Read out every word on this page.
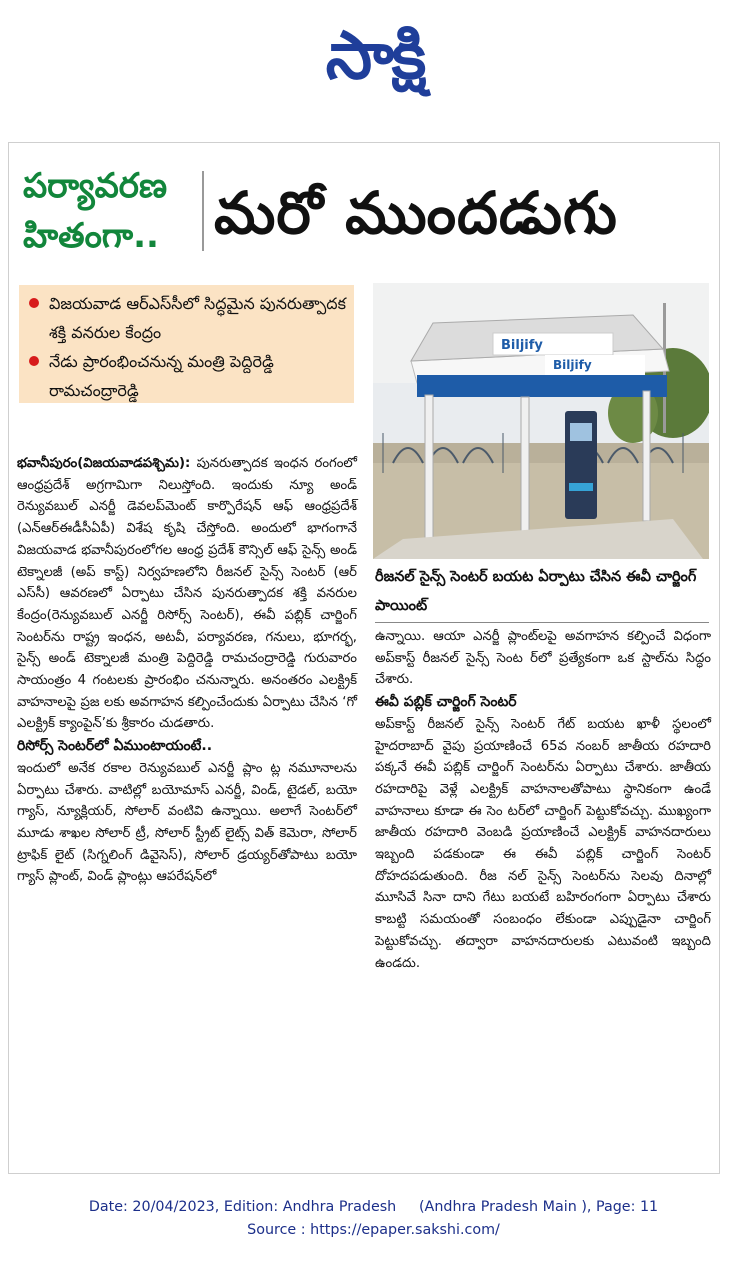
సాక్షి
పర్యావరణ హితంగా.. మరో ముందడుగు
విజయవాడ ఆర్‌ఎస్‌సీలో సిద్ధమైన పునరుత్పాదక శక్తి వనరుల కేంద్రం
నేడు ప్రారంభించనున్న మంత్రి పెద్దిరెడ్డి రామచంద్రారెడ్డి
Biljify
Biljify
రీజనల్‌ సైన్స్‌ సెంటర్‌ బయట ఏర్పాటు చేసిన ఈవీ చార్జింగ్‌ పాయింట్‌

భవానీపురం(విజయవాడపశ్చిమ): పునరుత్పాదక ఇంధన రంగంలో ఆంధ్రప్రదేశ్‌ అగ్రగామిగా నిలుస్తోంది. ఇందుకు న్యూ అండ్‌ రెన్యువబుల్‌ ఎనర్జీ డెవలప్‌మెంట్‌ కార్పొరేషన్‌ ఆఫ్‌ ఆంధ్రప్రదేశ్‌ (ఎన్‌ఆర్‌ఈడీసీఏపీ) విశేష కృషి చేస్తోంది. అందులో భాగంగానే విజయవాడ భవానీపురంలోగల ఆంధ్ర ప్రదేశ్‌ కౌన్సిల్‌ ఆఫ్‌ సైన్స్‌ అండ్‌ టెక్నాలజీ (అప్‌ కాస్ట్‌) నిర్వహణలోని రీజనల్‌ సైన్స్‌ సెంటర్‌ (ఆర్‌ ఎస్‌సీ) ఆవరణలో ఏర్పాటు చేసిన పునరుత్పాదక శక్తి వనరుల కేంద్రం(రెన్యువబుల్‌ ఎనర్జీ రిసోర్స్‌ సెంటర్‌), ఈవీ పబ్లిక్‌ చార్జింగ్‌ సెంటర్‌ను రాష్ట్ర ఇంధన, అటవీ, పర్యావరణ, గనులు, భూగర్భ, సైన్స్‌ అండ్‌ టెక్నాలజీ మంత్రి పెద్దిరెడ్డి రామచంద్రారెడ్డి గురువారం సాయంత్రం 4 గంటలకు ప్రారంభిం చనున్నారు. అనంతరం ఎలక్ట్రిక్‌ వాహనాలపై ప్రజ లకు అవగాహన కల్పించేందుకు ఏర్పాటు చేసిన ‘గో ఎలక్ట్రిక్‌ క్యాంపైన్‌’కు శ్రీకారం చుడతారు.

రిసోర్స్‌ సెంటర్‌లో ఏముంటాయంటే..

ఇందులో అనేక రకాల రెన్యువబుల్‌ ఎనర్జీ ప్లాం ట్ల నమూనాలను ఏర్పాటు చేశారు. వాటిల్లో బయోమాస్‌ ఎనర్జీ, విండ్‌, టైడల్‌, బయో గ్యాస్‌, న్యూక్లియర్‌, సోలార్‌ వంటివి ఉన్నాయి. అలాగే సెంటర్‌లో మూడు శాఖల సోలార్‌ ట్రీ, సోలార్‌ స్ట్రీట్‌ లైట్స్‌ విత్‌ కెమెరా, సోలార్‌ ట్రాఫిక్‌ లైట్‌ (సిగ్నలింగ్‌ డివైసెస్‌), సోలార్‌ డ్రయ్యర్‌తోపాటు బయో గ్యాస్‌ ప్లాంట్‌, విండ్‌ ప్లాంట్లు ఆపరేషన్‌లో

ఉన్నాయి. ఆయా ఎనర్జీ ప్లాంట్‌లపై అవగాహన కల్పించే విధంగా అప్‌కాస్ట్‌ రీజనల్‌ సైన్స్‌ సెంట ర్‌లో ప్రత్యేకంగా ఒక స్టాల్‌ను సిద్ధం చేశారు.

ఈవీ పబ్లిక్‌ చార్జింగ్‌ సెంటర్‌

అప్‌కాస్ట్‌ రీజనల్‌ సైన్స్‌ సెంటర్‌ గేట్‌ బయట ఖాళీ స్థలంలో హైదరాబాద్‌ వైపు ప్రయాణించే 65వ నంబర్‌ జాతీయ రహదారి పక్కనే ఈవీ పబ్లిక్‌ చార్జింగ్‌ సెంటర్‌ను ఏర్పాటు చేశారు. జాతీయ రహదారిపై వెళ్లే ఎలక్ట్రిక్‌ వాహనాలతోపాటు స్థానికంగా ఉండే వాహనాలు కూడా ఈ సెం టర్‌లో చార్జింగ్‌ పెట్టుకోవచ్చు. ముఖ్యంగా జాతీయ రహదారి వెంబడి ప్రయాణించే ఎలక్ట్రిక్‌ వాహనదారులు ఇబ్బంది పడకుండా ఈ ఈవీ పబ్లిక్‌ చార్జింగ్‌ సెంటర్‌ దోహదపడుతుంది. రీజ నల్‌ సైన్స్‌ సెంటర్‌ను సెలవు దినాల్లో మూసివే సినా దాని గేటు బయటే బహిరంగంగా ఏర్పాటు చేశారు కాబట్టి సమయంతో సంబంధం లేకుండా ఎప్పుడైనా చార్జింగ్‌ పెట్టుకోవచ్చు. తద్వారా వాహనదారులకు ఎటువంటి ఇబ్బంది ఉండదు.

Date: 20/04/2023, Edition: Andhra Pradesh     (Andhra Pradesh Main ), Page: 11
Source : https://epaper.sakshi.com/
